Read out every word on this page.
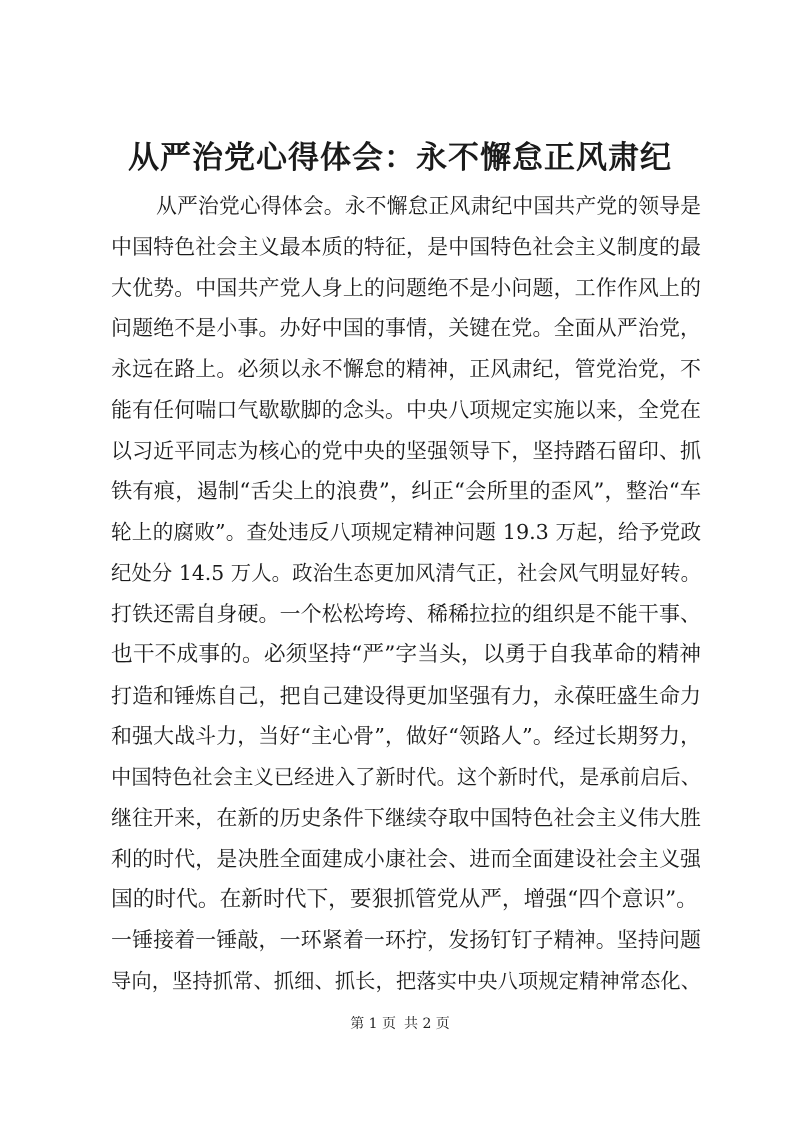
从严治党心得体会：永不懈怠正风肃纪
从严治党心得体会。永不懈怠正风肃纪中国共产党的领导是
中国特色社会主义最本质的特征，是中国特色社会主义制度的最
大优势。中国共产党人身上的问题绝不是小问题，工作作风上的
问题绝不是小事。办好中国的事情，关键在党。全面从严治党，
永远在路上。必须以永不懈怠的精神，正风肃纪，管党治党，不
能有任何喘口气歇歇脚的念头。中央八项规定实施以来，全党在
以习近平同志为核心的党中央的坚强领导下，坚持踏石留印、抓
铁有痕，遏制“舌尖上的浪费”，纠正“会所里的歪风”，整治“车
轮上的腐败”。查处违反八项规定精神问题 19.3 万起，给予党政
纪处分 14.5 万人。政治生态更加风清气正，社会风气明显好转。
打铁还需自身硬。一个松松垮垮、稀稀拉拉的组织是不能干事、
也干不成事的。必须坚持“严”字当头，以勇于自我革命的精神
打造和锤炼自己，把自己建设得更加坚强有力，永葆旺盛生命力
和强大战斗力，当好“主心骨”，做好“领路人”。经过长期努力，
中国特色社会主义已经进入了新时代。这个新时代，是承前启后、
继往开来，在新的历史条件下继续夺取中国特色社会主义伟大胜
利的时代，是决胜全面建成小康社会、进而全面建设社会主义强
国的时代。在新时代下，要狠抓管党从严，增强“四个意识”。
一锤接着一锤敲，一环紧着一环拧，发扬钉钉子精神。坚持问题
导向，坚持抓常、抓细、抓长，把落实中央八项规定精神常态化、
第 1 页 共 2 页
